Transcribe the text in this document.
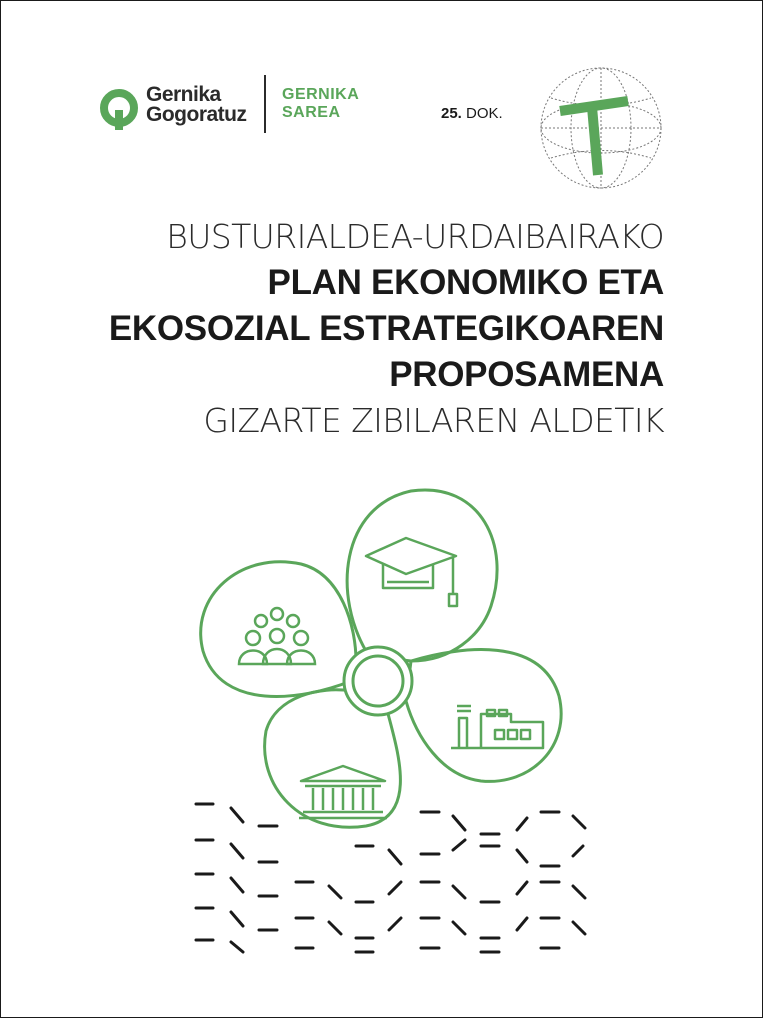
Gernika
Gogoratuz
GERNIKA
SAREA	25. DOK.
BUSTURIALDEA-URDAIBAIRAKO
PLAN EKONOMIKO ETA
EKOSOZIAL ESTRATEGIKOAREN
PROPOSAMENA
GIZARTE ZIBILAREN ALDETIK
